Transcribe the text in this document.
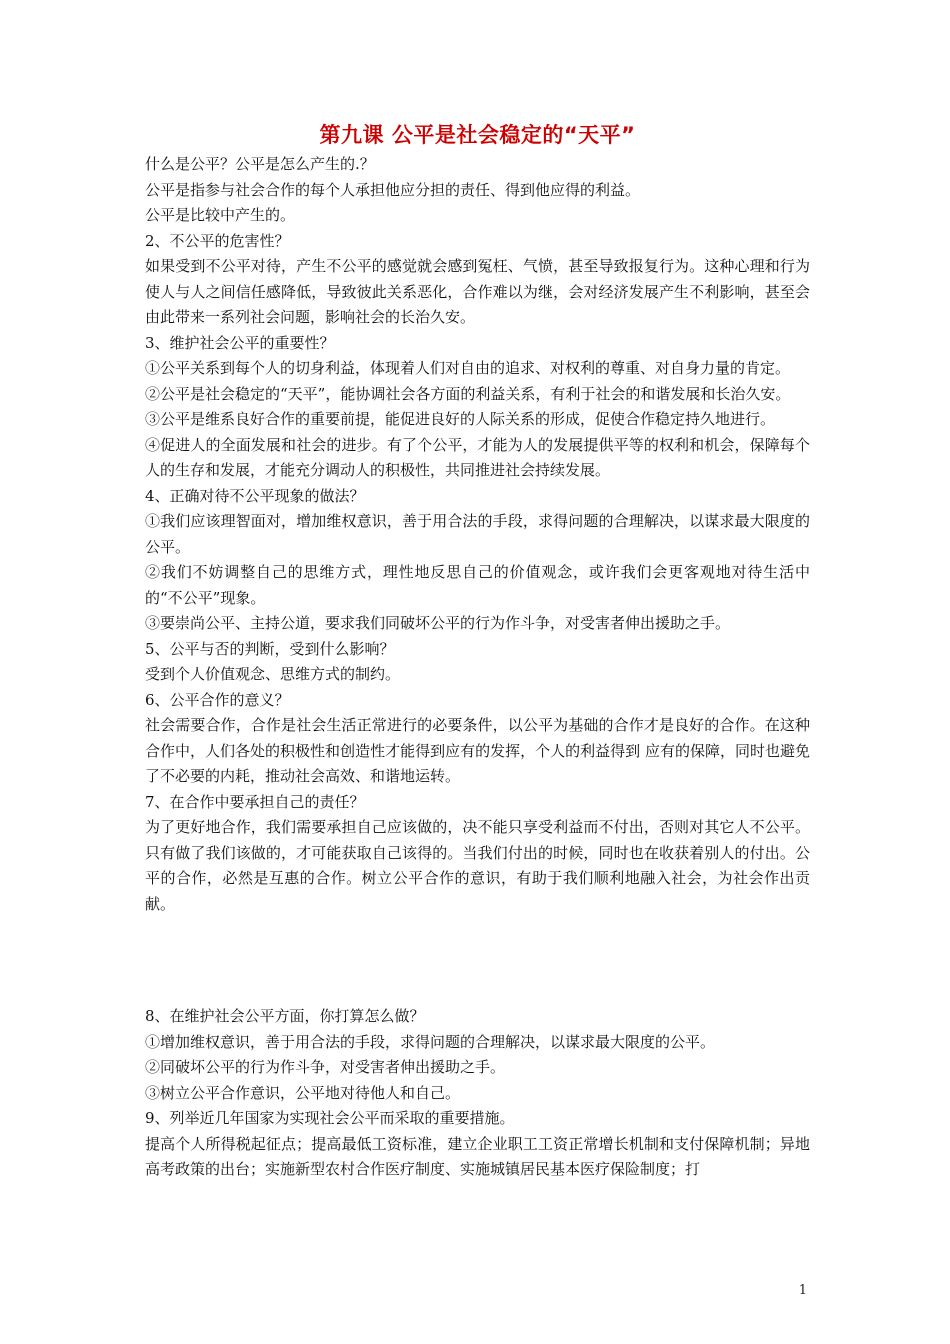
第九课 公平是社会稳定的“天平”

什么是公平？公平是怎么产生的.？

公平是指参与社会合作的每个人承担他应分担的责任、得到他应得的利益。

公平是比较中产生的。

2、不公平的危害性？

如果受到不公平对待，产生不公平的感觉就会感到冤枉、气愤，甚至导致报复行为。这种心理和行为使人与人之间信任感降低，导致彼此关系恶化，合作难以为继，会对经济发展产生不利影响，甚至会由此带来一系列社会问题，影响社会的长治久安。

3、维护社会公平的重要性？

①公平关系到每个人的切身利益，体现着人们对自由的追求、对权利的尊重、对自身力量的肯定。

②公平是社会稳定的“天平”，能协调社会各方面的利益关系，有利于社会的和谐发展和长治久安。

③公平是维系良好合作的重要前提，能促进良好的人际关系的形成，促使合作稳定持久地进行。

④促进人的全面发展和社会的进步。有了个公平，才能为人的发展提供平等的权利和机会，保障每个人的生存和发展，才能充分调动人的积极性，共同推进社会持续发展。

4、正确对待不公平现象的做法？

①我们应该理智面对，增加维权意识，善于用合法的手段，求得问题的合理解决，以谋求最大限度的公平。

②我们不妨调整自己的思维方式，理性地反思自己的价值观念，或许我们会更客观地对待生活中的“不公平”现象。

③要崇尚公平、主持公道，要求我们同破坏公平的行为作斗争，对受害者伸出援助之手。

5、公平与否的判断，受到什么影响？

受到个人价值观念、思维方式的制约。

6、公平合作的意义？

社会需要合作，合作是社会生活正常进行的必要条件，以公平为基础的合作才是良好的合作。在这种合作中，人们各处的积极性和创造性才能得到应有的发挥，个人的利益得到 应有的保障，同时也避免了不必要的内耗，推动社会高效、和谐地运转。

7、在合作中要承担自己的责任？

为了更好地合作，我们需要承担自己应该做的，决不能只享受利益而不付出，否则对其它人不公平。只有做了我们该做的，才可能获取自己该得的。当我们付出的时候，同时也在收获着别人的付出。公平的合作，必然是互惠的合作。树立公平合作的意识，有助于我们顺利地融入社会，为社会作出贡献。

8、在维护社会公平方面，你打算怎么做？

①增加维权意识，善于用合法的手段，求得问题的合理解决，以谋求最大限度的公平。

②同破坏公平的行为作斗争，对受害者伸出援助之手。

③树立公平合作意识，公平地对待他人和自己。

9、列举近几年国家为实现社会公平而采取的重要措施。

提高个人所得税起征点；提高最低工资标准，建立企业职工工资正常增长机制和支付保障机制；异地高考政策的出台；实施新型农村合作医疗制度、实施城镇居民基本医疗保险制度；打

1
